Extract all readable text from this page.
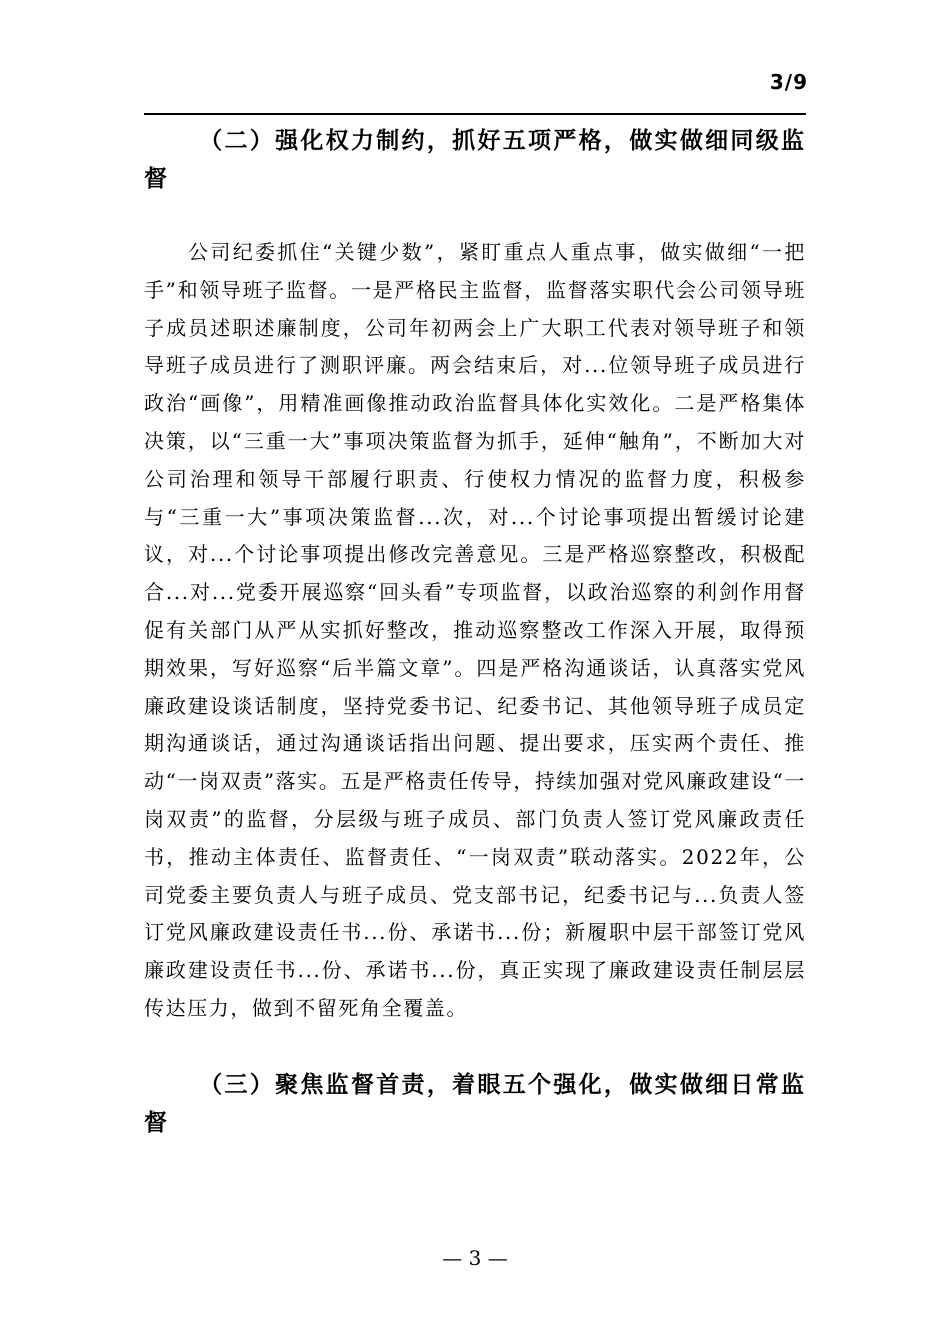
3/9
（二）强化权力制约，抓好五项严格，做实做细同级监督

公司纪委抓住“关键少数”，紧盯重点人重点事，做实做细“一把手”和领导班子监督。一是严格民主监督，监督落实职代会公司领导班子成员述职述廉制度，公司年初两会上广大职工代表对领导班子和领导班子成员进行了测职评廉。两会结束后，对...位领导班子成员进行政治“画像”，用精准画像推动政治监督具体化实效化。二是严格集体决策，以“三重一大”事项决策监督为抓手，延伸“触角”，不断加大对公司治理和领导干部履行职责、行使权力情况的监督力度，积极参与“三重一大”事项决策监督...次，对...个讨论事项提出暂缓讨论建议，对...个讨论事项提出修改完善意见。三是严格巡察整改，积极配合...对...党委开展巡察“回头看”专项监督，以政治巡察的利剑作用督促有关部门从严从实抓好整改，推动巡察整改工作深入开展，取得预期效果，写好巡察“后半篇文章”。四是严格沟通谈话，认真落实党风廉政建设谈话制度，坚持党委书记、纪委书记、其他领导班子成员定期沟通谈话，通过沟通谈话指出问题、提出要求，压实两个责任、推动“一岗双责”落实。五是严格责任传导，持续加强对党风廉政建设“一岗双责”的监督，分层级与班子成员、部门负责人签订党风廉政责任书，推动主体责任、监督责任、“一岗双责”联动落实。2022年，公司党委主要负责人与班子成员、党支部书记，纪委书记与...负责人签订党风廉政建设责任书...份、承诺书...份；新履职中层干部签订党风廉政建设责任书...份、承诺书...份，真正实现了廉政建设责任制层层传达压力，做到不留死角全覆盖。

（三）聚焦监督首责，着眼五个强化，做实做细日常监督
— 3 —
